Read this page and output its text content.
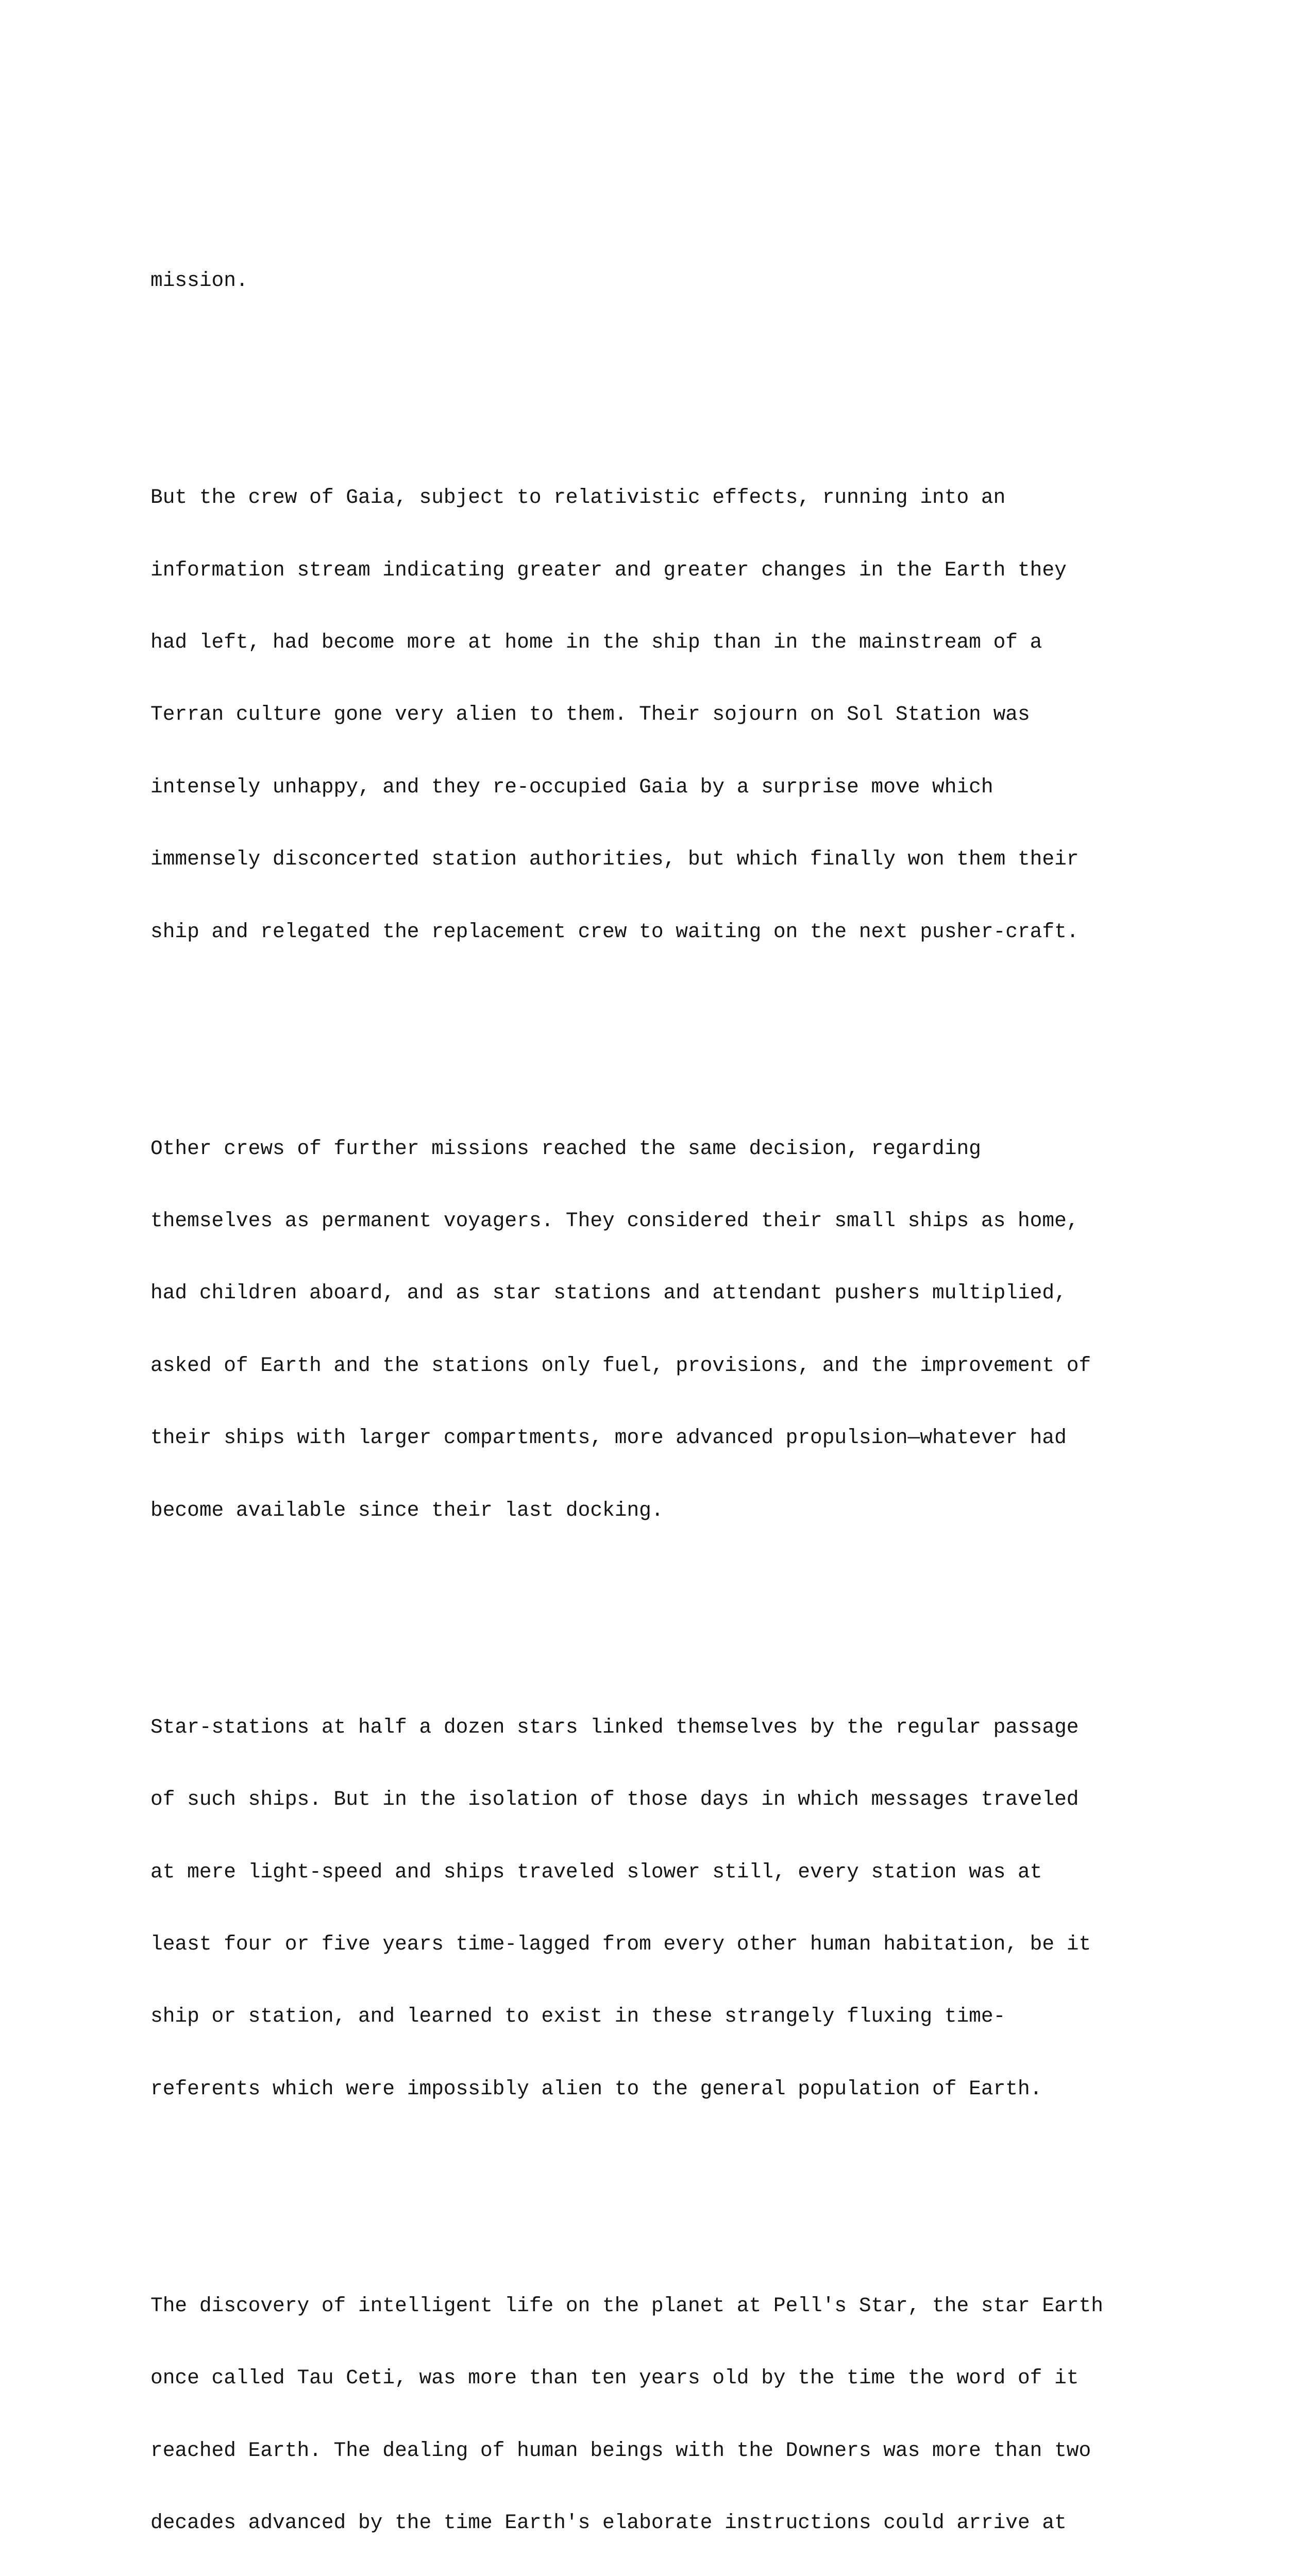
mission.

But the crew of Gaia, subject to relativistic effects, running into an

information stream indicating greater and greater changes in the Earth they

had left, had become more at home in the ship than in the mainstream of a

Terran culture gone very alien to them. Their sojourn on Sol Station was

intensely unhappy, and they re-occupied Gaia by a surprise move which

immensely disconcerted station authorities, but which finally won them their

ship and relegated the replacement crew to waiting on the next pusher-craft.

Other crews of further missions reached the same decision, regarding

themselves as permanent voyagers. They considered their small ships as home,

had children aboard, and as star stations and attendant pushers multiplied,

asked of Earth and the stations only fuel, provisions, and the improvement of

their ships with larger compartments, more advanced propulsion—whatever had

become available since their last docking.

Star-stations at half a dozen stars linked themselves by the regular passage

of such ships. But in the isolation of those days in which messages traveled

at mere light-speed and ships traveled slower still, every station was at

least four or five years time-lagged from every other human habitation, be it

ship or station, and learned to exist in these strangely fluxing time-

referents which were impossibly alien to the general population of Earth.

The discovery of intelligent life on the planet at Pell's Star, the star Earth

once called Tau Ceti, was more than ten years old by the time the word of it

reached Earth. The dealing of human beings with the Downers was more than two

decades advanced by the time Earth's elaborate instructions could arrive at
